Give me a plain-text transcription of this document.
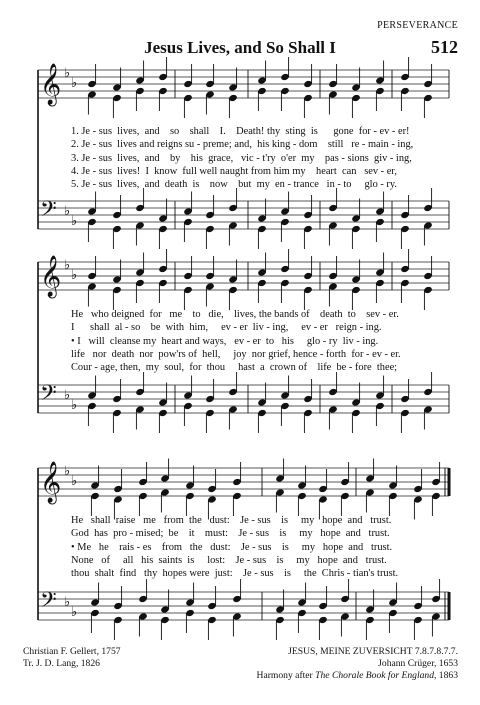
PERSEVERANCE
Jesus Lives, and So Shall I	512
𝄞 ♭
♭
𝄢 ♭
♭
𝄞 ♭
♭
𝄢 ♭
♭
𝄞 ♭
♭
𝄢 ♭
♭
1. Je - sus  lives,  and    so    shall    I.    Death! thy  sting  is      gone  for - ev - er!
2. Je - sus  lives and reigns su - preme; and,  his king - dom    still   re - main - ing,
3. Je - sus  lives,  and    by    his  grace,   vic - t'ry  o'er  my    pas - sions  giv - ing,
4. Je - sus  lives!  I  know  full well naught from him my    heart  can   sev - er,
5. Je - sus  lives,  and  death  is    now    but  my  en - trance   in - to     glo - ry.
He   who deigned  for   me    to   die,    lives, the bands of    death  to    sev - er.
I      shall  al - so    be  with  him,     ev - er  liv - ing,     ev - er   reign - ing.
• I   will  cleanse my  heart and ways,   ev - er  to   his     glo - ry  liv - ing.
life   nor  death  nor  pow'rs of  hell,     joy  nor grief, hence - forth  for - ev - er.
Cour - age, then,  my  soul,  for  thou     hast  a  crown of    life  be - fore  thee;
He   shall  raise   me   from  the   dust:    Je - sus    is     my   hope  and   trust.
God  has  pro - mised;  be    it    must:    Je - sus    is     my   hope  and   trust.
• Me   he    rais - es    from   the   dust:    Je - sus    is     my   hope  and   trust.
None   of     all   his  saints  is     lost:    Je - sus    is     my   hope  and   trust.
thou  shalt  find   thy  hopes were  just:    Je - sus    is     the  Chris - tian's trust.
Christian F. Gellert, 1757
Tr. J. D. Lang, 1826
JESUS, MEINE ZUVERSICHT 7.8.7.8.7.7.
Johann Crüger, 1653
Harmony after The Chorale Book for England, 1863
